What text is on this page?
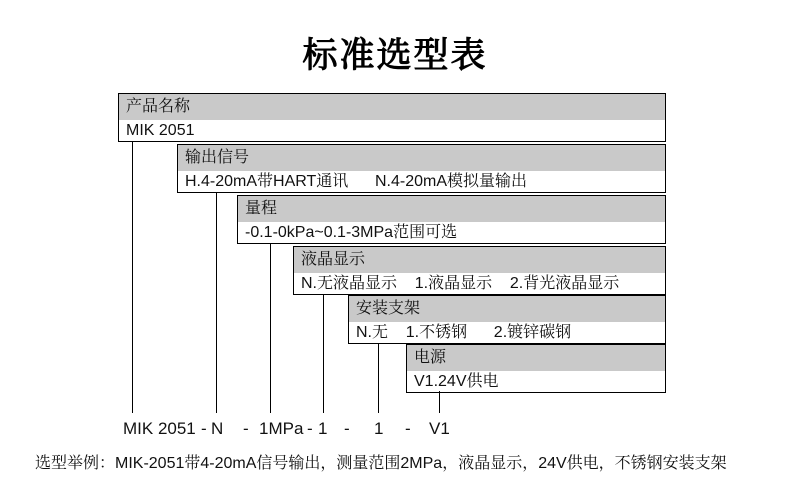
标准选型表
产品名称
MIK 2051
输出信号
H.4-20mA带HART通讯      N.4-20mA模拟量输出
量程
-0.1-0kPa~0.1-3MPa范围可选
液晶显示
N.无液晶显示    1.液晶显示    2.背光液晶显示
安装支架
N.无    1.不锈钢      2.镀锌碳钢
电源
V1.24V供电
MIK 2051 - N - 1MPa - 1 - 1 - V1
选型举例：MIK-2051带4-20mA信号输出，测量范围2MPa，液晶显示，24V供电，不锈钢安装支架
